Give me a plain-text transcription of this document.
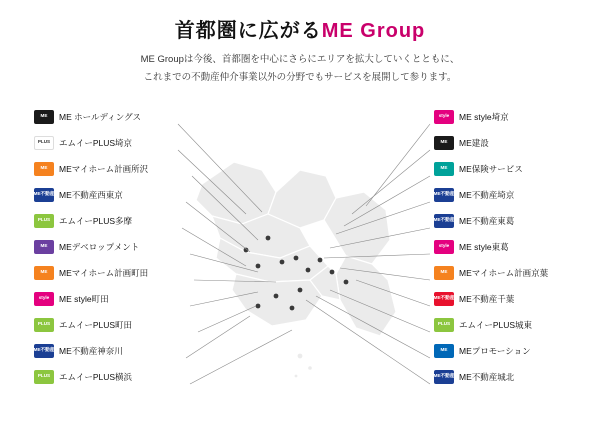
首都圏に広がるME Group
ME Groupは今後、首都圏を中心にさらにエリアを拡大していくとともに、
これまでの不動産仲介事業以外の分野でもサービスを展開して参ります。
ME ME ホールディングス
PLUS エムイーPLUS埼京
ME MEマイホーム計画所沢
ME不動産 ME不動産西東京
PLUS エムイーPLUS多摩
ME MEデベロップメント
ME MEマイホーム計画町田
style ME style町田
PLUS エムイーPLUS町田
ME不動産 ME不動産神奈川
PLUS エムイーPLUS横浜
style ME style埼京
ME ME建設
ME ME保険サービス
ME不動産 ME不動産埼京
ME不動産 ME不動産東葛
style ME style東葛
ME MEマイホーム計画京葉
ME不動産 ME不動産千葉
PLUS エムイーPLUS城東
ME MEプロモーション
ME不動産 ME不動産城北
